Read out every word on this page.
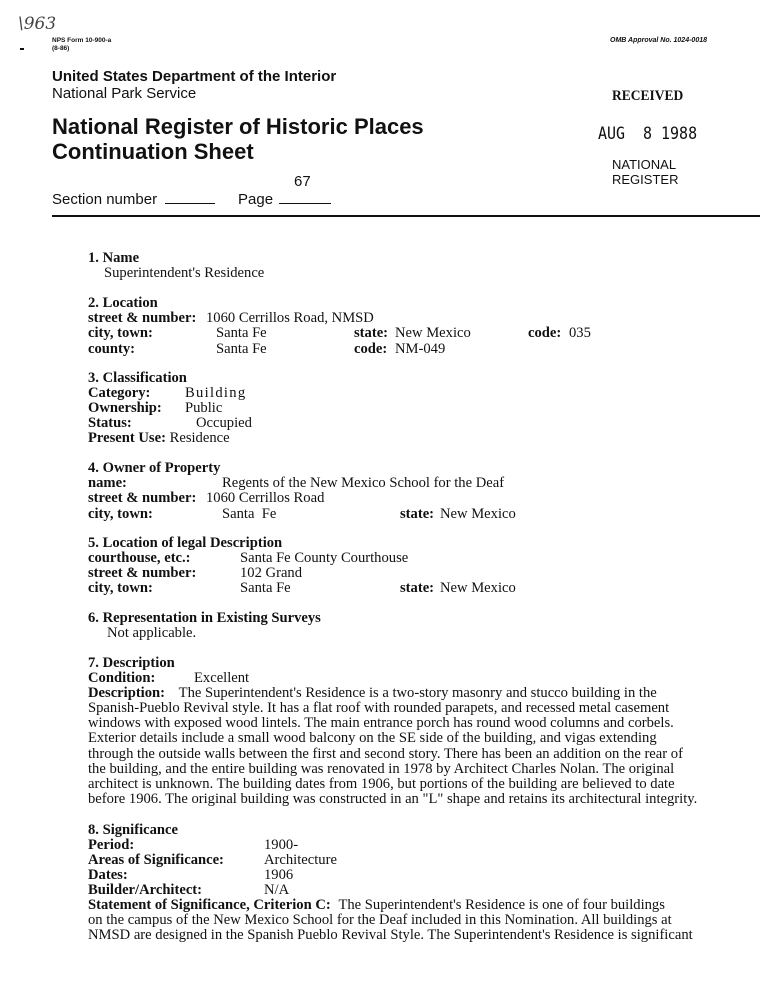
\963
NPS Form 10-900-a
(8-86)
OMB Approval No. 1024-0018
United States Department of the Interior
National Park Service
National Register of Historic Places
Continuation Sheet
67
Section number	Page
RECEIVED
AUG  8 1988
NATIONAL
REGISTER
1. Name
Superintendent's Residence
2. Location
street & number: 1060 Cerrillos Road, NMSD
city, town:	Santa Fe	state: New Mexico	code: 035
county:	Santa Fe	code: NM-049
3. Classification
Category: Building
Ownership: Public
Status:	Occupied
Present Use: Residence
4. Owner of Property
name:	Regents of the New Mexico School for the Deaf
street & number: 1060 Cerrillos Road
city, town:	Santa  Fe	state: New Mexico
5. Location of legal Description
courthouse, etc.:	Santa Fe County Courthouse
street & number:	102 Grand
city, town:	Santa Fe	state: New Mexico
6. Representation in Existing Surveys
Not applicable.
7. Description
Condition:	Excellent
Description: The Superintendent's Residence is a two-story masonry and stucco building in the
Spanish-Pueblo Revival style. It has a flat roof with rounded parapets, and recessed metal casement
windows with exposed wood lintels. The main entrance porch has round wood columns and corbels.
Exterior details include a small wood balcony on the SE side of the building, and vigas extending
through the outside walls between the first and second story. There has been an addition on the rear of
the building, and the entire building was renovated in 1978 by Architect Charles Nolan. The original
architect is unknown. The building dates from 1906, but portions of the building are believed to date
before 1906. The original building was constructed in an "L" shape and retains its architectural integrity.
8. Significance
Period:	1900-
Areas of Significance:	Architecture
Dates:	1906
Builder/Architect:	N/A
Statement of Significance, Criterion C: The Superintendent's Residence is one of four buildings
on the campus of the New Mexico School for the Deaf included in this Nomination. All buildings at
NMSD are designed in the Spanish Pueblo Revival Style. The Superintendent's Residence is significant
